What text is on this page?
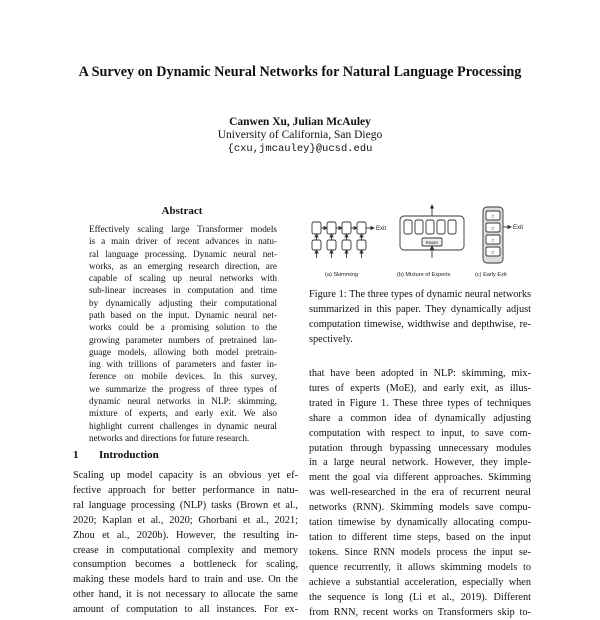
A Survey on Dynamic Neural Networks for Natural Language Processing
Canwen Xu, Julian McAuley
University of California, San Diego
{cxu,jmcauley}@ucsd.edu
Abstract
Effectively scaling large Transformer models
is a main driver of recent advances in natu-
ral language processing. Dynamic neural net-
works, as an emerging research direction, are
capable of scaling up neural networks with
sub-linear increases in computation and time
by dynamically adjusting their computational
path based on the input. Dynamic neural net-
works could be a promising solution to the
growing parameter numbers of pretrained lan-
guage models, allowing both model pretrain-
ing with trillions of parameters and faster in-
ference on mobile devices. In this survey,
we summarize the progress of three types of
dynamic neural networks in NLP: skimming,
mixture of experts, and early exit. We also
highlight current challenges in dynamic neural
networks and directions for future research.
1 Introduction
Scaling up model capacity is an obvious yet ef-
fective approach for better performance in natu-
ral language processing (NLP) tasks (Brown et al.,
2020; Kaplan et al., 2020; Ghorbani et al., 2021;
Zhou et al., 2020b). However, the resulting in-
crease in computational complexity and memory
consumption becomes a bottleneck for scaling,
making these models hard to train and use. On the
other hand, it is not necessary to allocate the same
amount of computation to all instances. For ex-
Exit
(a) Skimming
Router
(b) Mixture of Experts
C
C
C
C
Exit
(c) Early Exit
Figure 1: The three types of dynamic neural networks
summarized in this paper. They dynamically adjust
computation timewise, widthwise and depthwise, re-
spectively.
that have been adopted in NLP: skimming, mix-
tures of experts (MoE), and early exit, as illus-
trated in Figure 1. These three types of techniques
share a common idea of dynamically adjusting
computation with respect to input, to save com-
putation through bypassing unnecessary modules
in a large neural network. However, they imple-
ment the goal via different approaches. Skimming
was well-researched in the era of recurrent neural
networks (RNN). Skimming models save compu-
tation timewise by dynamically allocating compu-
tation to different time steps, based on the input
tokens. Since RNN models process the input se-
quence recurrently, it allows skimming models to
achieve a substantial acceleration, especially when
the sequence is long (Li et al., 2019). Different
from RNN, recent works on Transformers skip to-
